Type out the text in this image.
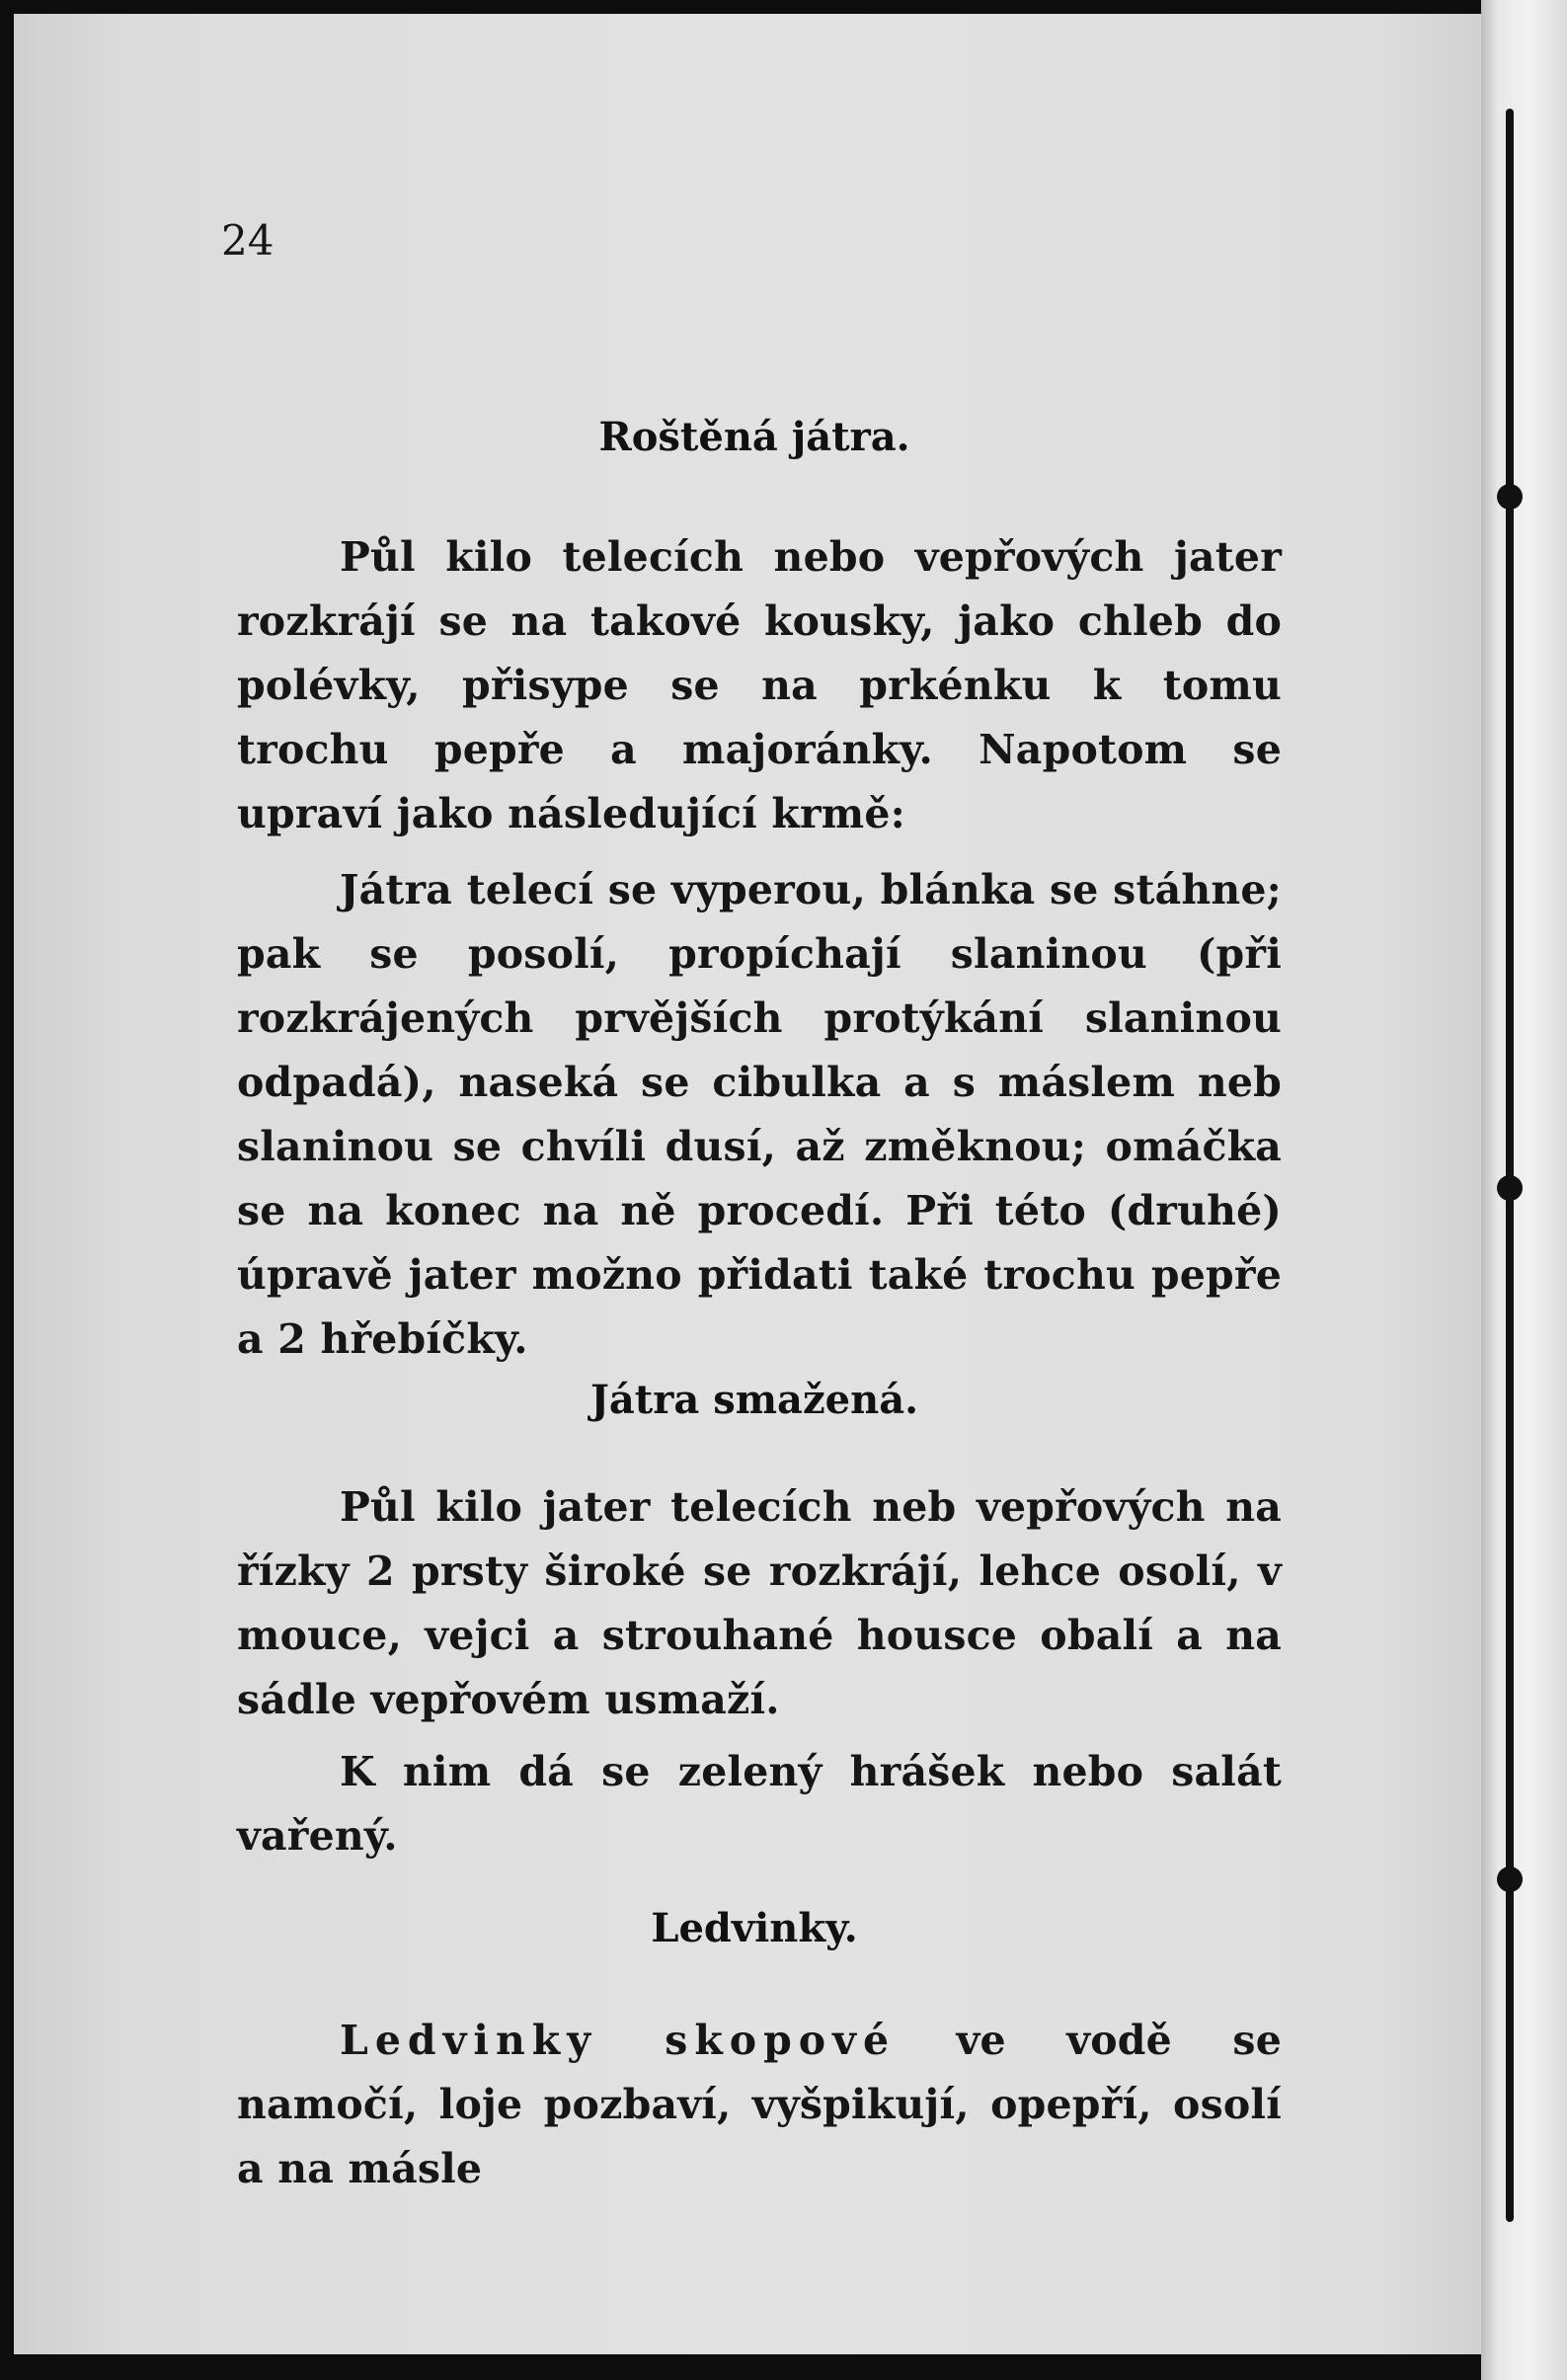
24
Roštěná játra.
Půl kilo telecích nebo vepřových jater rozkrájí se na takové kousky, jako chleb do polévky, přisype se na prkénku k tomu trochu pepře a majoránky. Napotom se upraví jako následující krmě:
Játra telecí se vyperou, blánka se stáhne; pak se posolí, propíchají slaninou (při rozkrájených prvějších protýkání slaninou odpadá), naseká se cibulka a s máslem neb slaninou se chvíli dusí, až změknou; omáčka se na konec na ně procedí. Při této (druhé) úpravě jater možno přidati také trochu pepře a 2 hřebíčky.
Játra smažená.
Půl kilo jater telecích neb vepřových na řízky 2 prsty široké se rozkrájí, lehce osolí, v mouce, vejci a strouhané housce obalí a na sádle vepřovém usmaží.
K nim dá se zelený hrášek nebo salát vařený.
Ledvinky.
Ledvinky skopové ve vodě se namočí, loje pozbaví, vyšpikují, opepří, osolí a na másle
